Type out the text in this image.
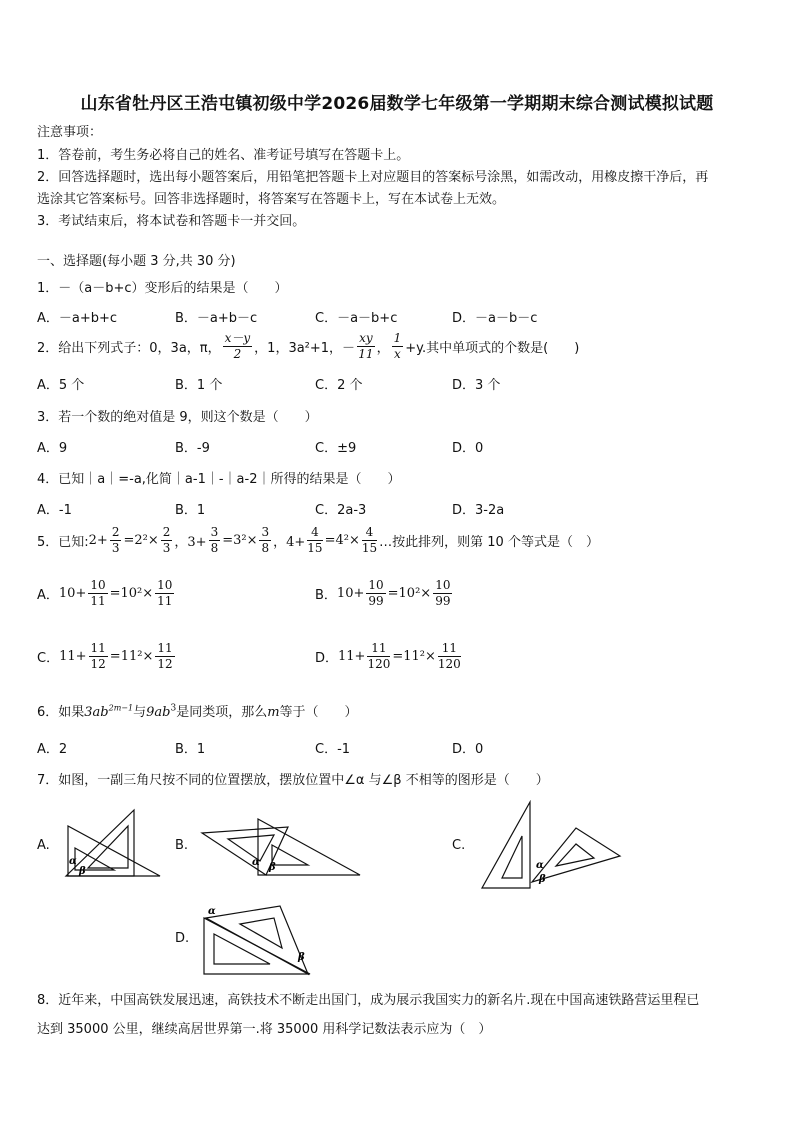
山东省牡丹区王浩屯镇初级中学2026届数学七年级第一学期期末综合测试模拟试题
注意事项：
1．答卷前，考生务必将自己的姓名、准考证号填写在答题卡上。
2．回答选择题时，选出每小题答案后，用铅笔把答题卡上对应题目的答案标号涂黑，如需改动，用橡皮擦干净后，再
选涂其它答案标号。回答非选择题时，将答案写在答题卡上，写在本试卷上无效。
3．考试结束后，将本试卷和答题卡一并交回。
一、选择题(每小题 3 分,共 30 分)
1．－（a－b+c）变形后的结果是（　　）
A．－a+b+c	B．－a+b－c	C．－a－b+c	D．－a－b－c
2．给出下列式子：0，3a，π， $\frac{x-y}{2}$ ，1，3a²+1，－ $\frac{xy}{11}$ ， $\frac{1}{x} +y$.其中单项式的个数是(　　)
A．5 个	B．1 个	C．2 个	D．3 个
3．若一个数的绝对值是 9，则这个数是（　　）
A．9	B．-9	C．±9	D．0
4．已知｜a｜=-a,化简｜a-1｜-｜a-2｜所得的结果是（　　）
A．-1	B．1	C．2a-3	D．3-2a
5．已知:2+ $\frac{2}{3} =2^2\times \frac{2}{3}$ ，$3+ \frac{3}{8} =3^2\times \frac{3}{8}$ ，$4+ \frac{4}{15} =4^2\times \frac{4}{15}$ …按此排列，则第 10 个等式是（　）
A．$10+ \frac{10}{11} =10^2\times \frac{10}{11}$	B．$10+ \frac{10}{99} =10^2\times \frac{10}{99}$
C．$11+ \frac{11}{12} =11^2\times \frac{11}{12}$	D．$11+ \frac{11}{120} =11^2\times \frac{11}{120}$
6．如果$3ab^{2m-1}$与$9ab^3$是同类项，那么m等于（　　）
A．2	B．1	C．-1	D．0
7．如图，一副三角尺按不同的位置摆放，摆放位置中∠α 与∠β 不相等的图形是（　　）
A.
α
β
B.
α β
C.
α
β
D.
α
β
8．近年来，中国高铁发展迅速，高铁技术不断走出国门，成为展示我国实力的新名片.现在中国高速铁路营运里程已
达到 35000 公里，继续高居世界第一.将 35000 用科学记数法表示应为（　）
